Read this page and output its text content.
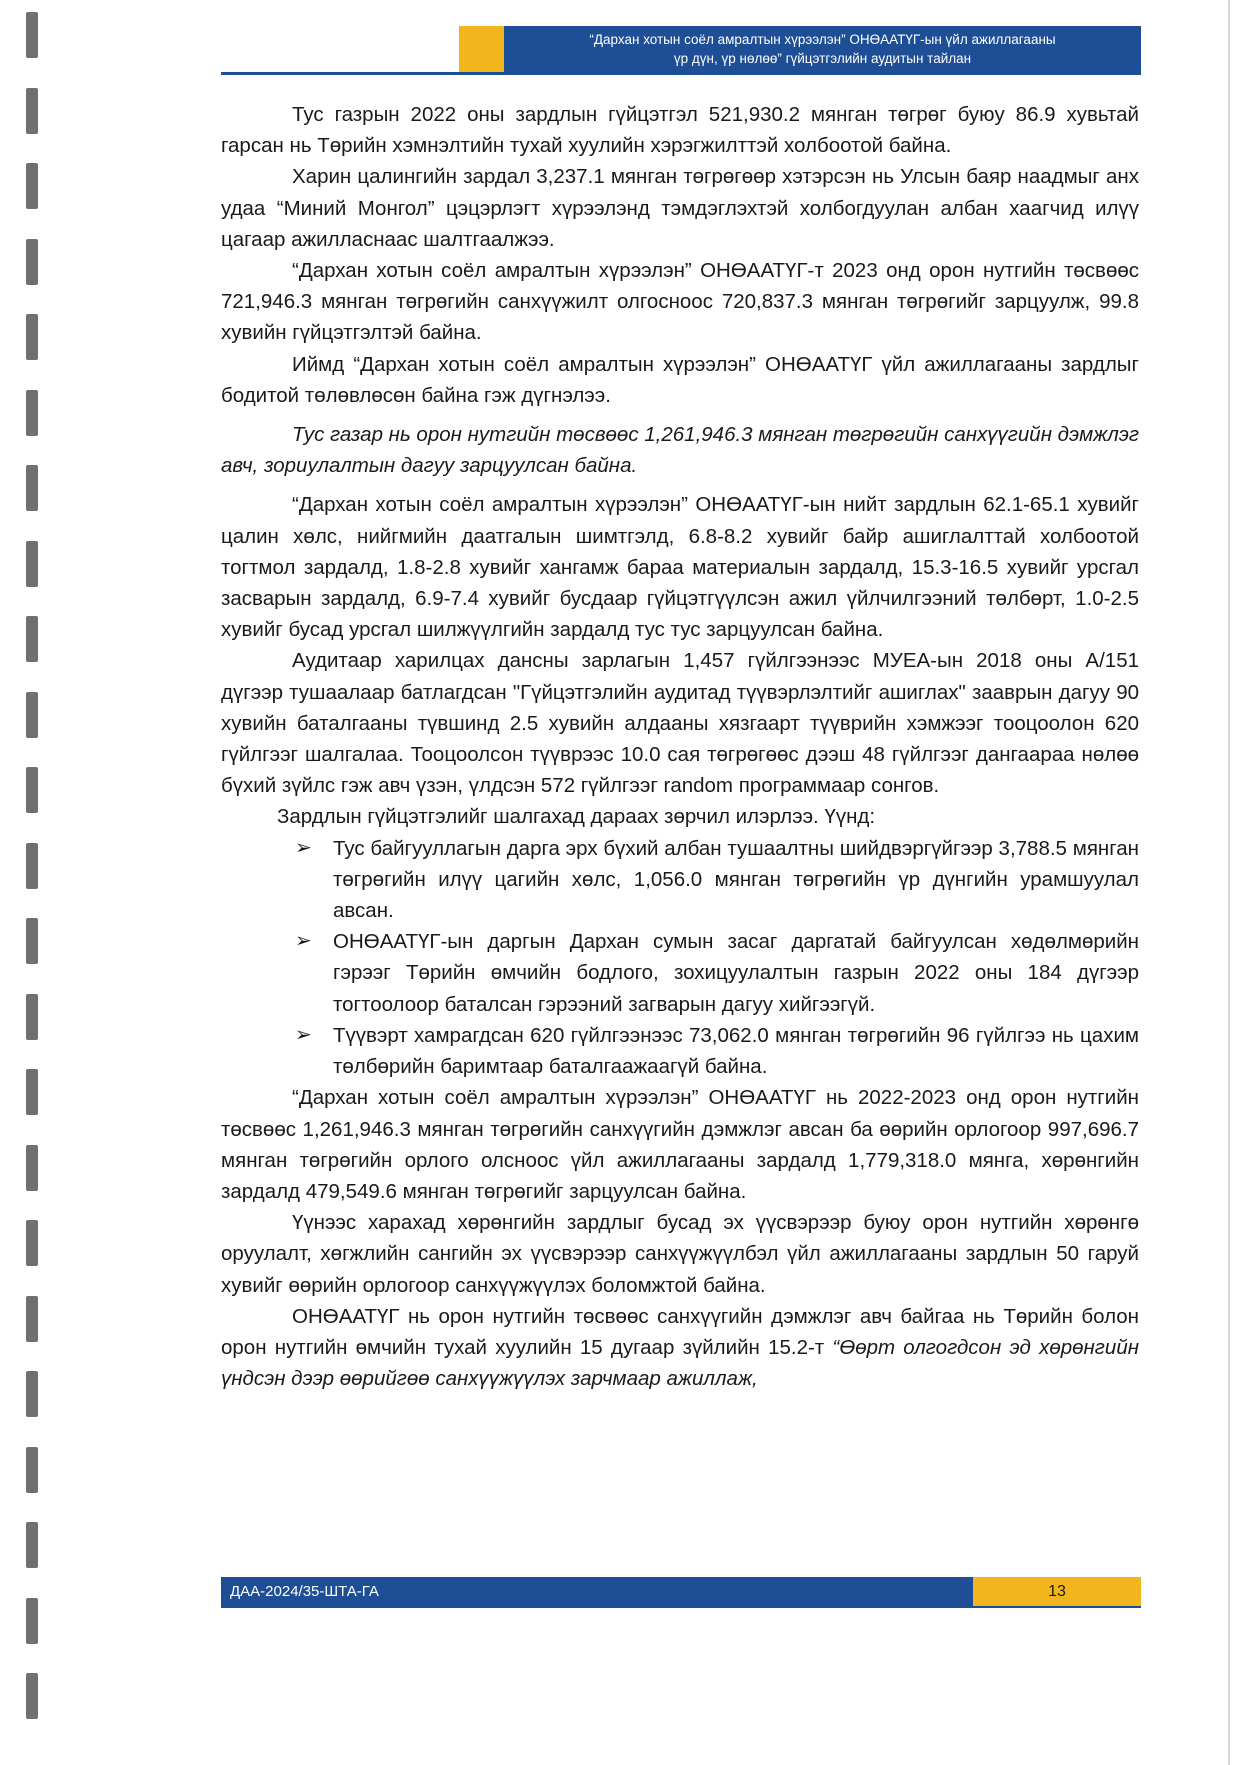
“Дархан хотын соёл амралтын хүрээлэн” ОНӨААТҮГ-ын үйл ажиллагааны
үр дүн, үр нөлөө” гүйцэтгэлийн аудитын тайлан

Тус газрын 2022 оны зардлын гүйцэтгэл 521,930.2 мянган төгрөг буюу 86.9 хувьтай гарсан нь Төрийн хэмнэлтийн тухай хуулийн хэрэгжилттэй холбоотой байна.

Харин цалингийн зардал 3,237.1 мянган төгрөгөөр хэтэрсэн нь Улсын баяр наадмыг анх удаа “Миний Монгол” цэцэрлэгт хүрээлэнд тэмдэглэхтэй холбогдуулан албан хаагчид илүү цагаар ажилласнаас шалтгаалжээ.

“Дархан хотын соёл амралтын хүрээлэн” ОНӨААТҮГ-т 2023 онд орон нутгийн төсвөөс 721,946.3 мянган төгрөгийн санхүүжилт олгосноос 720,837.3 мянган төгрөгийг зарцуулж, 99.8 хувийн гүйцэтгэлтэй байна.

Иймд “Дархан хотын соёл амралтын хүрээлэн” ОНӨААТҮГ үйл ажиллагааны зардлыг бодитой төлөвлөсөн байна гэж дүгнэлээ.

Тус газар нь орон нутгийн төсвөөс 1,261,946.3 мянган төгрөгийн санхүүгийн дэмжлэг авч, зориулалтын дагуу зарцуулсан байна.

“Дархан хотын соёл амралтын хүрээлэн” ОНӨААТҮГ-ын нийт зардлын 62.1-65.1 хувийг цалин хөлс, нийгмийн даатгалын шимтгэлд, 6.8-8.2 хувийг байр ашиглалттай холбоотой тогтмол зардалд, 1.8-2.8 хувийг хангамж бараа материалын зардалд, 15.3-16.5 хувийг урсгал засварын зардалд, 6.9-7.4 хувийг бусдаар гүйцэтгүүлсэн ажил үйлчилгээний төлбөрт, 1.0-2.5 хувийг бусад урсгал шилжүүлгийн зардалд тус тус зарцуулсан байна.

Аудитаар харилцах дансны зарлагын 1,457 гүйлгээнээс МУЕА-ын 2018 оны А/151 дүгээр тушаалаар батлагдсан "Гүйцэтгэлийн аудитад түүвэрлэлтийг ашиглах" зааврын дагуу 90 хувийн баталгааны түвшинд 2.5 хувийн алдааны хязгаарт түүврийн хэмжээг тооцоолон 620 гүйлгээг шалгалаа. Тооцоолсон түүврээс 10.0 сая төгрөгөөс дээш 48 гүйлгээг дангаараа нөлөө бүхий зүйлс гэж авч үзэн, үлдсэн 572 гүйлгээг random программаар сонгов.

Зардлын гүйцэтгэлийг шалгахад дараах зөрчил илэрлээ. Үүнд:

➢ Тус байгууллагын дарга эрх бүхий албан тушаалтны шийдвэргүйгээр 3,788.5 мянган төгрөгийн илүү цагийн хөлс, 1,056.0 мянган төгрөгийн үр дүнгийн урамшуулал авсан.
➢ ОНӨААТҮГ-ын даргын Дархан сумын засаг даргатай байгуулсан хөдөлмөрийн гэрээг Төрийн өмчийн бодлого, зохицуулалтын газрын 2022 оны 184 дүгээр тогтоолоор баталсан гэрээний загварын дагуу хийгээгүй.
➢ Түүвэрт хамрагдсан 620 гүйлгээнээс 73,062.0 мянган төгрөгийн 96 гүйлгээ нь цахим төлбөрийн баримтаар баталгаажаагүй байна.

“Дархан хотын соёл амралтын хүрээлэн” ОНӨААТҮГ нь 2022-2023 онд орон нутгийн төсвөөс 1,261,946.3 мянган төгрөгийн санхүүгийн дэмжлэг авсан ба өөрийн орлогоор 997,696.7 мянган төгрөгийн орлого олсноос үйл ажиллагааны зардалд 1,779,318.0 мянга, хөрөнгийн зардалд 479,549.6 мянган төгрөгийг зарцуулсан байна.

Үүнээс харахад хөрөнгийн зардлыг бусад эх үүсвэрээр буюу орон нутгийн хөрөнгө оруулалт, хөгжлийн сангийн эх үүсвэрээр санхүүжүүлбэл үйл ажиллагааны зардлын 50 гаруй хувийг өөрийн орлогоор санхүүжүүлэх боломжтой байна.

ОНӨААТҮГ нь орон нутгийн төсвөөс санхүүгийн дэмжлэг авч байгаа нь Төрийн болон орон нутгийн өмчийн тухай хуулийн 15 дугаар зүйлийн 15.2-т “Өөрт олгогдсон эд хөрөнгийн үндсэн дээр өөрийгөө санхүүжүүлэх зарчмаар ажиллаж,

ДАА-2024/35-ШТА-ГА	13
